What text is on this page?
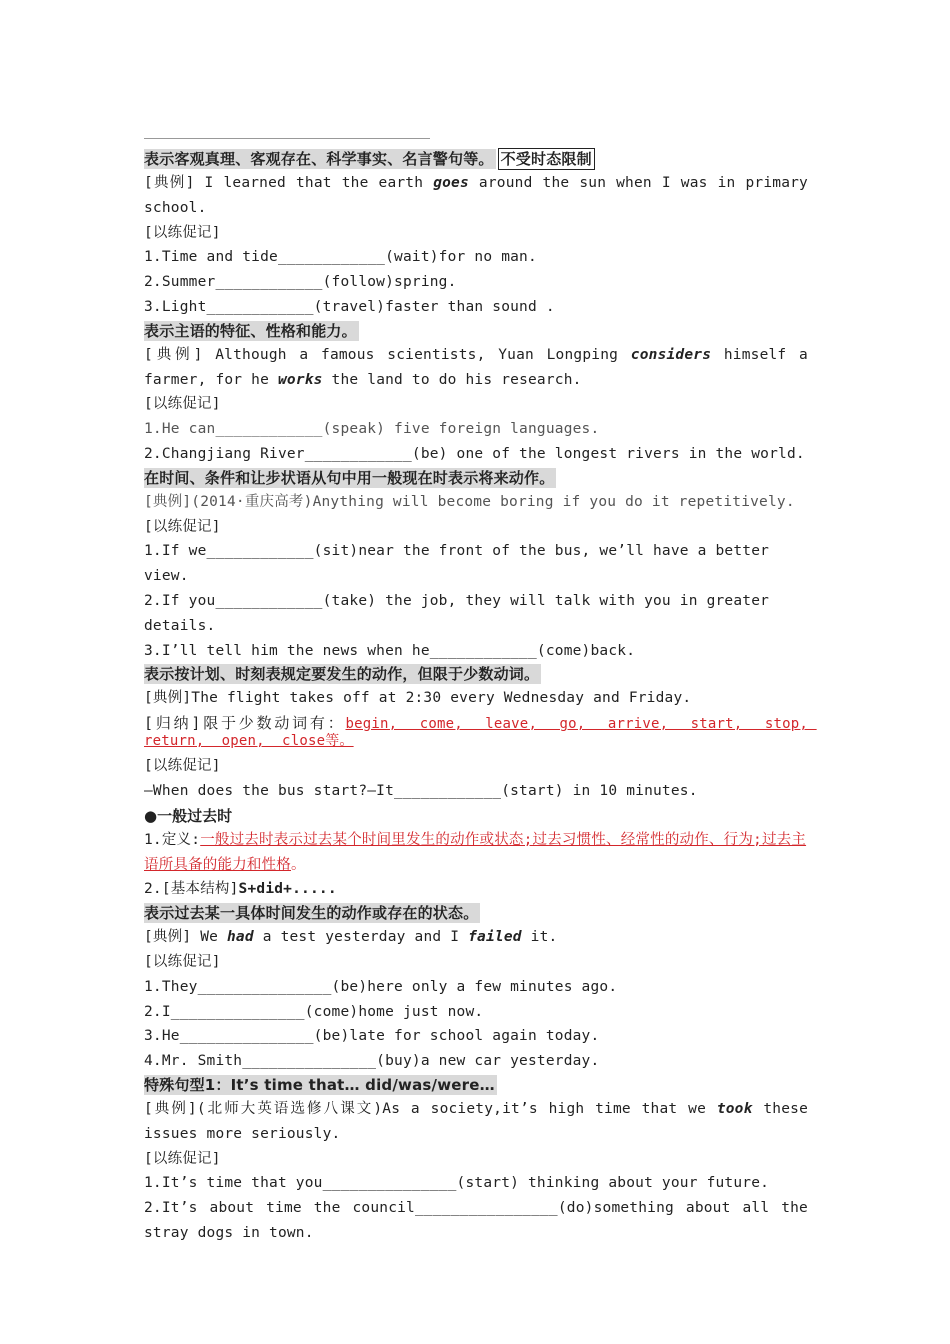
表示客观真理、客观存在、科学事实、名言警句等。 不受时态限制
[典例] I learned that the earth goes around the sun when I was in primary school.
[以练促记]
1.Time and tide____________(wait)for no man.
2.Summer____________(follow)spring.
3.Light____________(travel)faster than sound .
表示主语的特征、性格和能力。
[典例] Although a famous scientists, Yuan Longping considers himself a farmer, for he works the land to do his research.
[以练促记]
1.He can____________(speak) five foreign languages.
2.Changjiang River____________(be) one of the longest rivers in the world.
在时间、条件和让步状语从句中用一般现在时表示将来动作。
[典例](2014·重庆高考)Anything will become boring if you do it repetitively.
[以练促记]
1.If we____________(sit)near the front of the bus, we’ll have a better view.
2.If you____________(take) the job, they will talk with you in greater details.
3.I’ll tell him the news when he____________(come)back.
表示按计划、时刻表规定要发生的动作，但限于少数动词。
[典例]The flight takes off at 2:30 every Wednesday and Friday.
[归纳]限于少数动词有：begin,  come,  leave,  go,  arrive,  start,  stop, return,  open,  close等。
[以练促记]
—When does the bus start?—It____________(start) in 10 minutes.
●一般过去时
1.定义:一般过去时表示过去某个时间里发生的动作或状态;过去习惯性、经常性的动作、行为;过去主语所具备的能力和性格。
2.[基本结构]S+did+.....
表示过去某一具体时间发生的动作或存在的状态。
[典例] We had a test yesterday and I failed it.
[以练促记]
1.They_______________(be)here only a few minutes ago.
2.I_______________(come)home just now.
3.He_______________(be)late for school again today.
4.Mr. Smith_______________(buy)a new car yesterday.
特殊句型1：It’s time that… did/was/were…
[典例](北师大英语选修八课文)As a society,it’s high time that we took these issues more seriously.
[以练促记]
1.It’s time that you_______________(start) thinking about your future.
2.It’s about time the council________________(do)something about all the stray dogs in town.
